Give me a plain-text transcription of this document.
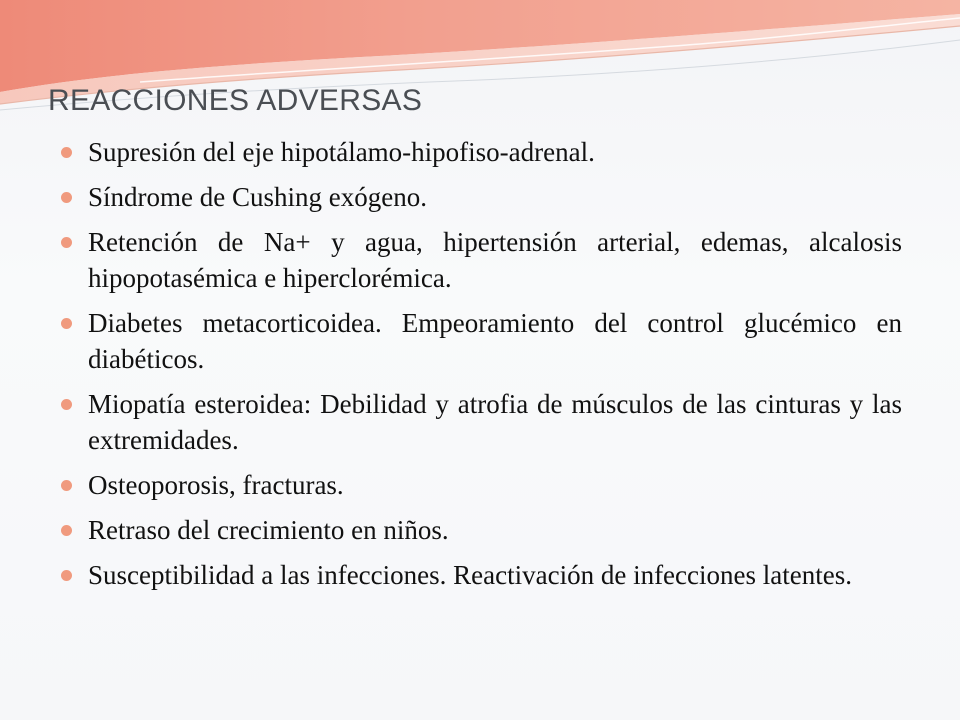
REACCIONES ADVERSAS
Supresión del eje hipotálamo-hipofiso-adrenal.
Síndrome de Cushing exógeno.
Retención de Na+ y agua, hipertensión arterial, edemas, alcalosis hipopotasémica e hiperclorémica.
Diabetes metacorticoidea. Empeoramiento del control glucémico en diabéticos.
Miopatía esteroidea: Debilidad y atrofia de músculos de las cinturas y las extremidades.
Osteoporosis, fracturas.
Retraso del crecimiento en niños.
Susceptibilidad a las infecciones. Reactivación de infecciones latentes.
